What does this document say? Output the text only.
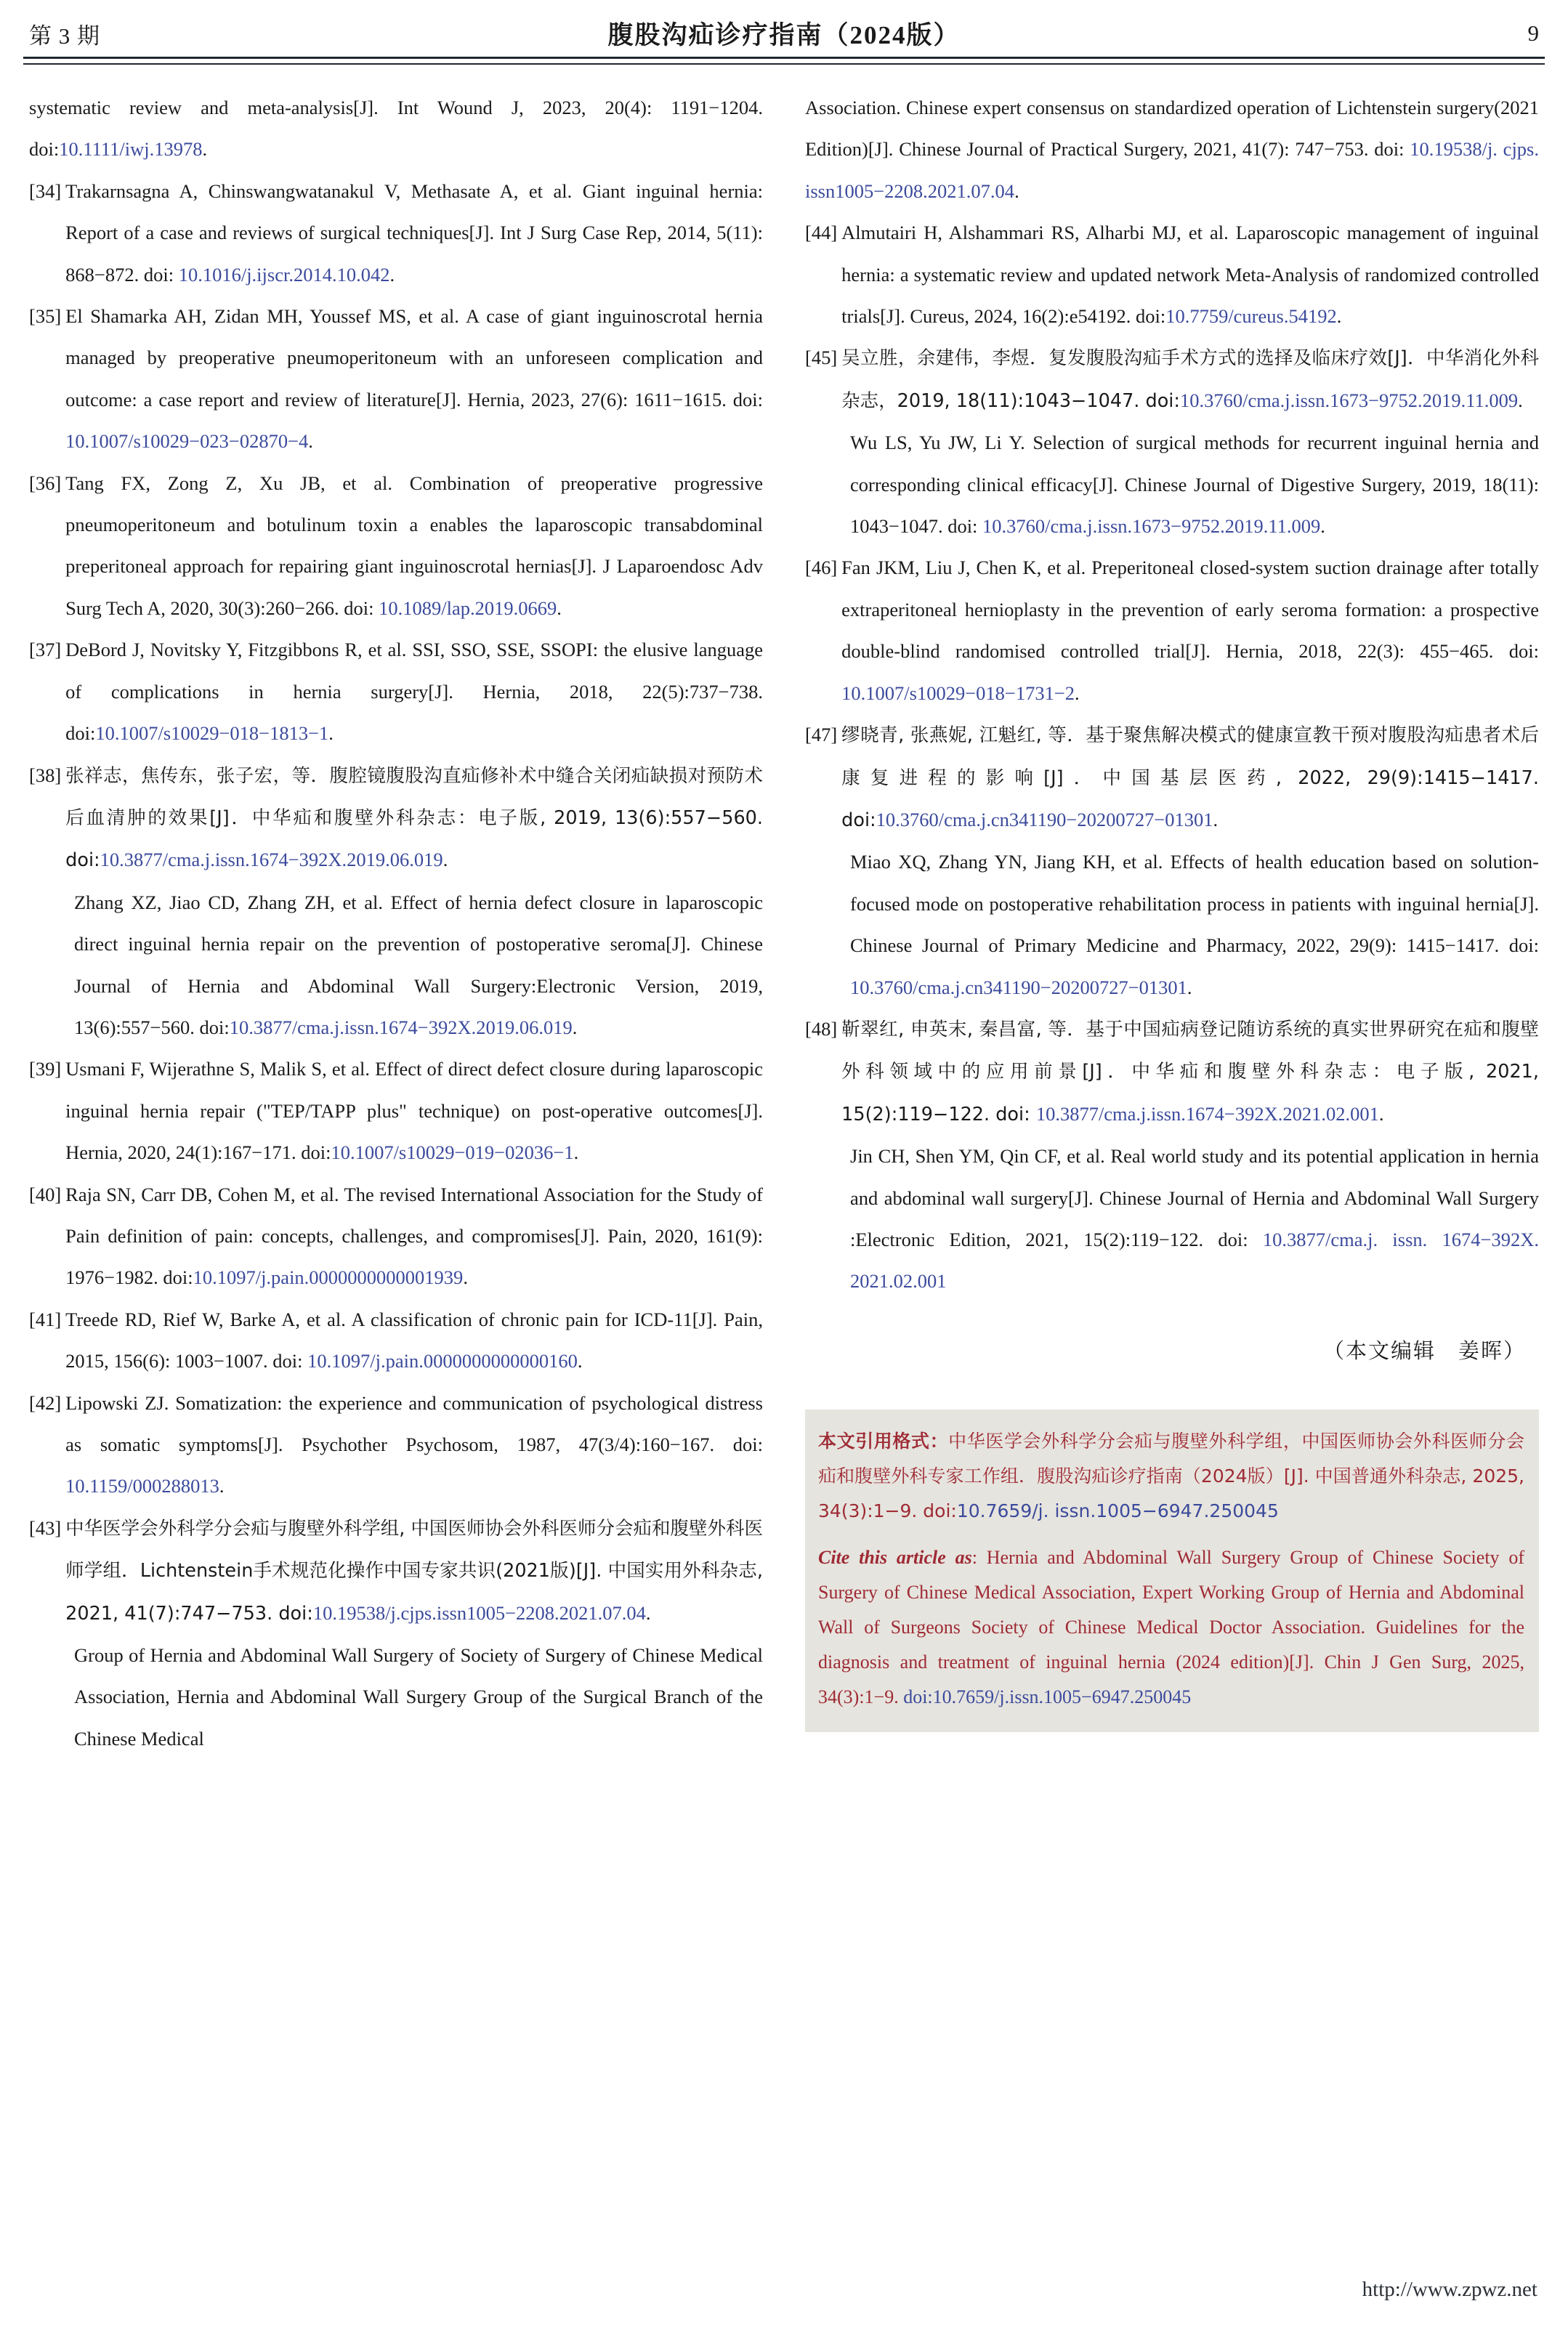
第 3 期	腹股沟疝诊疗指南（2024版）	9

systematic review and meta-analysis[J]. Int Wound J, 2023, 20(4): 1191−1204. doi:10.1111/iwj.13978.

[34] Trakarnsagna A, Chinswangwatanakul V, Methasate A, et al. Giant inguinal hernia: Report of a case and reviews of surgical techniques[J]. Int J Surg Case Rep, 2014, 5(11): 868−872. doi: 10.1016/j.ijscr.2014.10.042.
[35] El Shamarka AH, Zidan MH, Youssef MS, et al. A case of giant inguinoscrotal hernia managed by preoperative pneumoperitoneum with an unforeseen complication and outcome: a case report and review of literature[J]. Hernia, 2023, 27(6): 1611−1615. doi: 10.1007/s10029−023−02870−4.
[36] Tang FX, Zong Z, Xu JB, et al. Combination of preoperative progressive pneumoperitoneum and botulinum toxin a enables the laparoscopic transabdominal preperitoneal approach for repairing giant inguinoscrotal hernias[J]. J Laparoendosc Adv Surg Tech A, 2020, 30(3):260−266. doi: 10.1089/lap.2019.0669.
[37] DeBord J, Novitsky Y, Fitzgibbons R, et al. SSI, SSO, SSE, SSOPI: the elusive language of complications in hernia surgery[J]. Hernia, 2018, 22(5):737−738. doi:10.1007/s10029−018−1813−1.
[38] 张祥志，焦传东，张子宏，等．腹腔镜腹股沟直疝修补术中缝合关闭疝缺损对预防术后血清肿的效果[J]．中华疝和腹壁外科杂志：电子版, 2019, 13(6):557−560. doi:10.3877/cma.j.issn.1674−392X.2019.06.019.
Zhang XZ, Jiao CD, Zhang ZH, et al. Effect of hernia defect closure in laparoscopic direct inguinal hernia repair on the prevention of postoperative seroma[J]. Chinese Journal of Hernia and Abdominal Wall Surgery:Electronic Version, 2019, 13(6):557−560. doi:10.3877/cma.j.issn.1674−392X.2019.06.019.
[39] Usmani F, Wijerathne S, Malik S, et al. Effect of direct defect closure during laparoscopic inguinal hernia repair ("TEP/TAPP plus" technique) on post-operative outcomes[J]. Hernia, 2020, 24(1):167−171. doi:10.1007/s10029−019−02036−1.
[40] Raja SN, Carr DB, Cohen M, et al. The revised International Association for the Study of Pain definition of pain: concepts, challenges, and compromises[J]. Pain, 2020, 161(9): 1976−1982. doi:10.1097/j.pain.0000000000001939.
[41] Treede RD, Rief W, Barke A, et al. A classification of chronic pain for ICD-11[J]. Pain, 2015, 156(6): 1003−1007. doi: 10.1097/j.pain.0000000000000160.
[42] Lipowski ZJ. Somatization: the experience and communication of psychological distress as somatic symptoms[J]. Psychother Psychosom, 1987, 47(3/4):160−167. doi: 10.1159/000288013.
[43] 中华医学会外科学分会疝与腹壁外科学组, 中国医师协会外科医师分会疝和腹壁外科医师学组．Lichtenstein手术规范化操作中国专家共识(2021版)[J]. 中国实用外科杂志, 2021, 41(7):747−753. doi:10.19538/j.cjps.issn1005−2208.2021.07.04.
Group of Hernia and Abdominal Wall Surgery of Society of Surgery of Chinese Medical Association, Hernia and Abdominal Wall Surgery Group of the Surgical Branch of the Chinese Medical

Association. Chinese expert consensus on standardized operation of Lichtenstein surgery(2021 Edition)[J]. Chinese Journal of Practical Surgery, 2021, 41(7): 747−753. doi: 10.19538/j. cjps. issn1005−2208.2021.07.04.

[44] Almutairi H, Alshammari RS, Alharbi MJ, et al. Laparoscopic management of inguinal hernia: a systematic review and updated network Meta-Analysis of randomized controlled trials[J]. Cureus, 2024, 16(2):e54192. doi:10.7759/cureus.54192.
[45] 吴立胜，余建伟，李煜．复发腹股沟疝手术方式的选择及临床疗效[J]．中华消化外科杂志，2019, 18(11):1043−1047. doi:10.3760/cma.j.issn.1673−9752.2019.11.009.
Wu LS, Yu JW, Li Y. Selection of surgical methods for recurrent inguinal hernia and corresponding clinical efficacy[J]. Chinese Journal of Digestive Surgery, 2019, 18(11): 1043−1047. doi: 10.3760/cma.j.issn.1673−9752.2019.11.009.
[46] Fan JKM, Liu J, Chen K, et al. Preperitoneal closed-system suction drainage after totally extraperitoneal hernioplasty in the prevention of early seroma formation: a prospective double-blind randomised controlled trial[J]. Hernia, 2018, 22(3): 455−465. doi: 10.1007/s10029−018−1731−2.
[47] 缪晓青, 张燕妮, 江魁红, 等．基于聚焦解决模式的健康宣教干预对腹股沟疝患者术后康复进程的影响[J]．中国基层医药, 2022, 29(9):1415−1417. doi:10.3760/cma.j.cn341190−20200727−01301.
Miao XQ, Zhang YN, Jiang KH, et al. Effects of health education based on solution-focused mode on postoperative rehabilitation process in patients with inguinal hernia[J]. Chinese Journal of Primary Medicine and Pharmacy, 2022, 29(9): 1415−1417. doi: 10.3760/cma.j.cn341190−20200727−01301.
[48] 靳翠红, 申英末, 秦昌富, 等．基于中国疝病登记随访系统的真实世界研究在疝和腹壁外科领域中的应用前景[J]．中华疝和腹壁外科杂志：电子版, 2021, 15(2):119−122. doi: 10.3877/cma.j.issn.1674−392X.2021.02.001.
Jin CH, Shen YM, Qin CF, et al. Real world study and its potential application in hernia and abdominal wall surgery[J]. Chinese Journal of Hernia and Abdominal Wall Surgery :Electronic Edition, 2021, 15(2):119−122. doi: 10.3877/cma.j. issn. 1674−392X. 2021.02.001
（本文编辑　姜晖）

本文引用格式：中华医学会外科学分会疝与腹壁外科学组，中国医师协会外科医师分会疝和腹壁外科专家工作组．腹股沟疝诊疗指南（2024版）[J]. 中国普通外科杂志, 2025, 34(3):1−9. doi:10.7659/j. issn.1005−6947.250045

Cite this article as: Hernia and Abdominal Wall Surgery Group of Chinese Society of Surgery of Chinese Medical Association, Expert Working Group of Hernia and Abdominal Wall of Surgeons Society of Chinese Medical Doctor Association. Guidelines for the diagnosis and treatment of inguinal hernia (2024 edition)[J]. Chin J Gen Surg, 2025, 34(3):1−9. doi:10.7659/j.issn.1005−6947.250045

http://www.zpwz.net
